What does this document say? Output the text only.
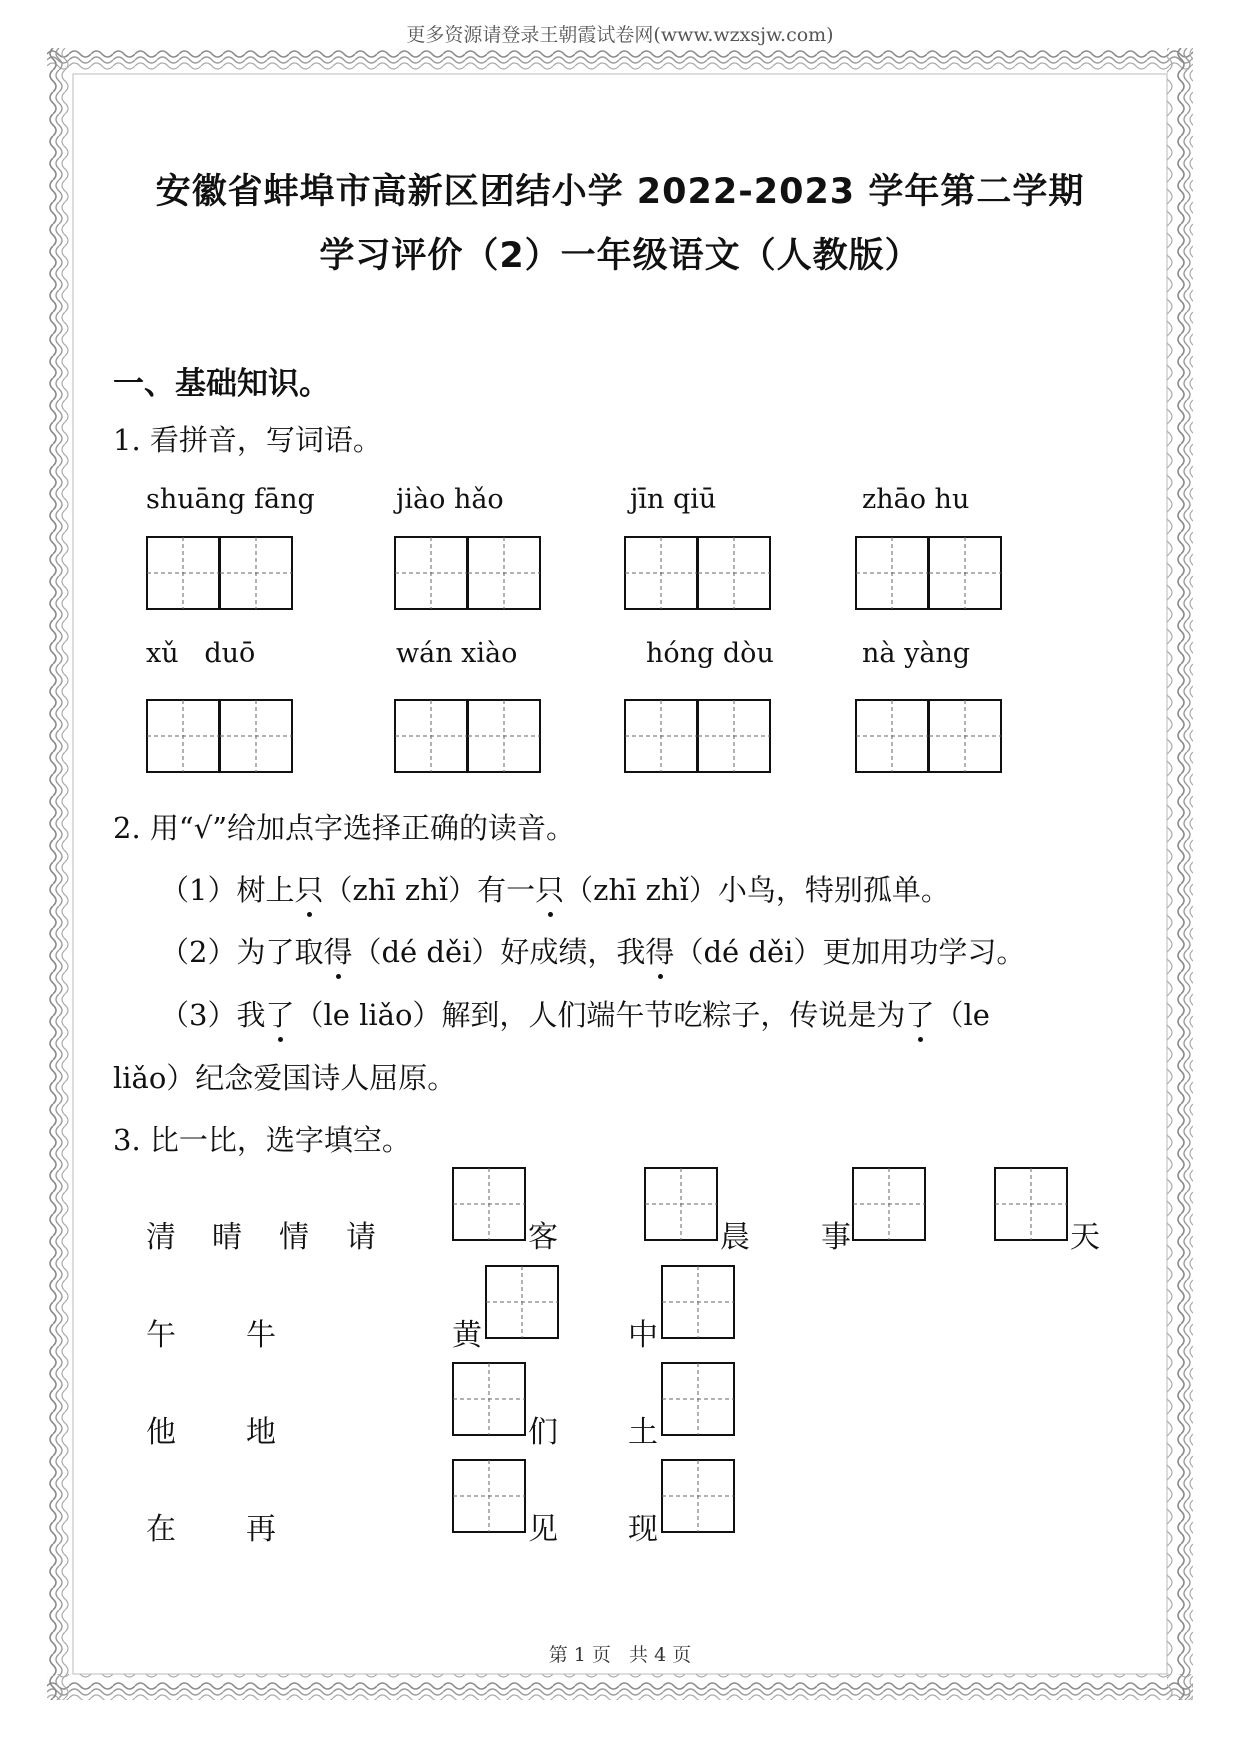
更多资源请登录王朝霞试卷网(www.wzxsjw.com)
安徽省蚌埠市高新区团结小学 2022-2023 学年第二学期
学习评价（2）一年级语文（人教版）
一、基础知识。
1. 看拼音，写词语。
shuāng fāng	jiào hǎo	jīn qiū	zhāo hu
xǔ   duō	wán xiào	hóng dòu	nà yàng
2. 用“√”给加点字选择正确的读音。
（1）树上只（zhī zhǐ）有一只（zhī zhǐ）小鸟，特别孤单。
（2）为了取得（dé děi）好成绩，我得（dé děi）更加用功学习。
（3）我了（le liǎo）解到，人们端午节吃粽子，传说是为了（le
liǎo）纪念爱国诗人屈原。
3. 比一比，选字填空。
清 晴 情 请	客	晨 事	天
午 牛	黄	中
他 地	们 土
在 再	见 现
第 1 页   共 4 页
